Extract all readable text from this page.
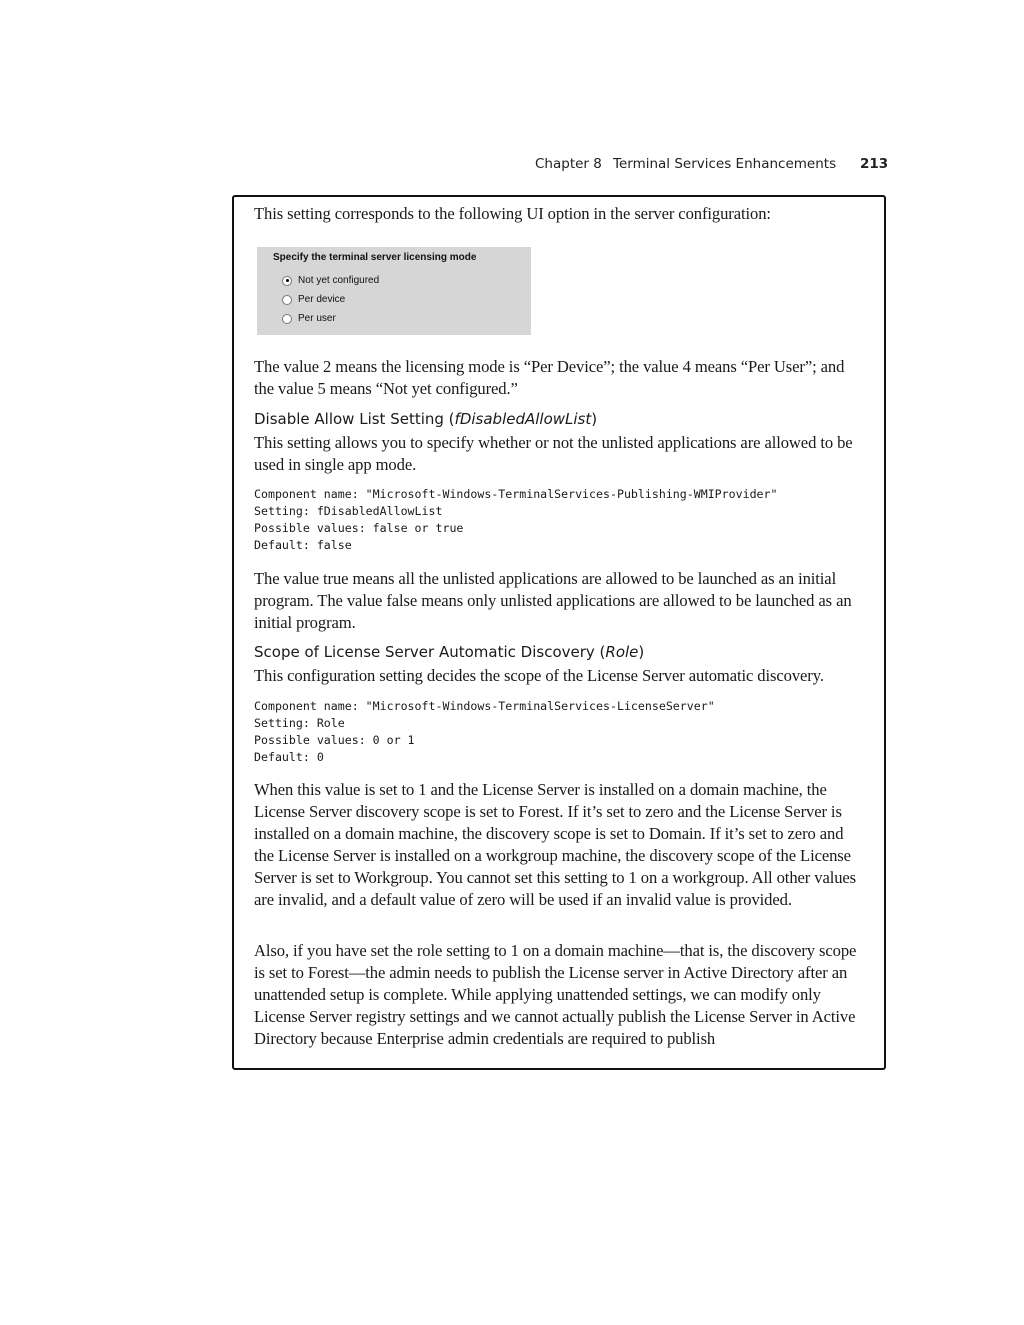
Chapter 8 Terminal Services Enhancements 213

This setting corresponds to the following UI option in the server configuration:

Specify the terminal server licensing mode
Not yet configured
Per device
Per user

The value 2 means the licensing mode is “Per Device”; the value 4 means “Per User”; and the value 5 means “Not yet configured.”

Disable Allow List Setting (fDisabledAllowList)

This setting allows you to specify whether or not the unlisted applications are allowed to be used in single app mode.

Component name: "Microsoft-Windows-TerminalServices-Publishing-WMIProvider"

Setting: fDisabledAllowList

Possible values: false or true

Default: false

The value true means all the unlisted applications are allowed to be launched as an initial program. The value false means only unlisted applications are allowed to be launched as an initial program.

Scope of License Server Automatic Discovery (Role)

This configuration setting decides the scope of the License Server automatic discovery.

Component name: "Microsoft-Windows-TerminalServices-LicenseServer"

Setting: Role

Possible values: 0 or 1

Default: 0

When this value is set to 1 and the License Server is installed on a domain machine, the License Server discovery scope is set to Forest. If it’s set to zero and the License Server is installed on a domain machine, the discovery scope is set to Domain. If it’s set to zero and the License Server is installed on a workgroup machine, the discovery scope of the License Server is set to Workgroup. You cannot set this setting to 1 on a workgroup. All other values are invalid, and a default value of zero will be used if an invalid value is provided.

Also, if you have set the role setting to 1 on a domain machine—that is, the discovery scope is set to Forest—the admin needs to publish the License server in Active Directory after an unattended setup is complete. While applying unattended settings, we can modify only License Server registry settings and we cannot actually publish the License Server in Active Directory because Enterprise admin credentials are required to publish
